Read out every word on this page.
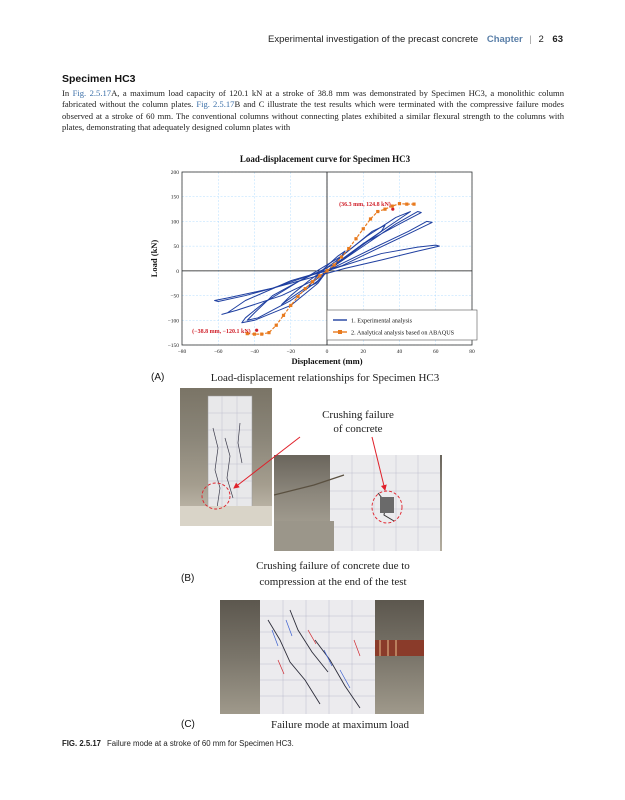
Experimental investigation of the precast concrete Chapter | 2 63
Specimen HC3
In Fig. 2.5.17A, a maximum load capacity of 120.1 kN at a stroke of 38.8 mm was demonstrated by Specimen HC3, a monolithic column fabricated without the column plates. Fig. 2.5.17B and C illustrate the test results which were terminated with the compressive failure modes observed at a stroke of 60 mm. The conventional columns without connecting plates exhibited a similar flexural strength to the columns with plates, demonstrating that adequately designed column plates with
Load-displacement curve for Specimen HC3
−80	−60	−40	−20	0	20	40	60	80
200
150
100
50
0
−50
−100
−150
Load (kN)
Displacement (mm)
(36.3 mm, 124.8 kN)
(−38.8 mm, −120.1 kN)
1. Experimental analysis
2. Analytical analysis based on ABAQUS
(A)	Load-displacement relationships for Specimen HC3
Crushing failure
of concrete
(B)
Crushing failure of concrete due to
compression at the end of the test
(C)	Failure mode at maximum load
FIG. 2.5.17 Failure mode at a stroke of 60 mm for Specimen HC3.
